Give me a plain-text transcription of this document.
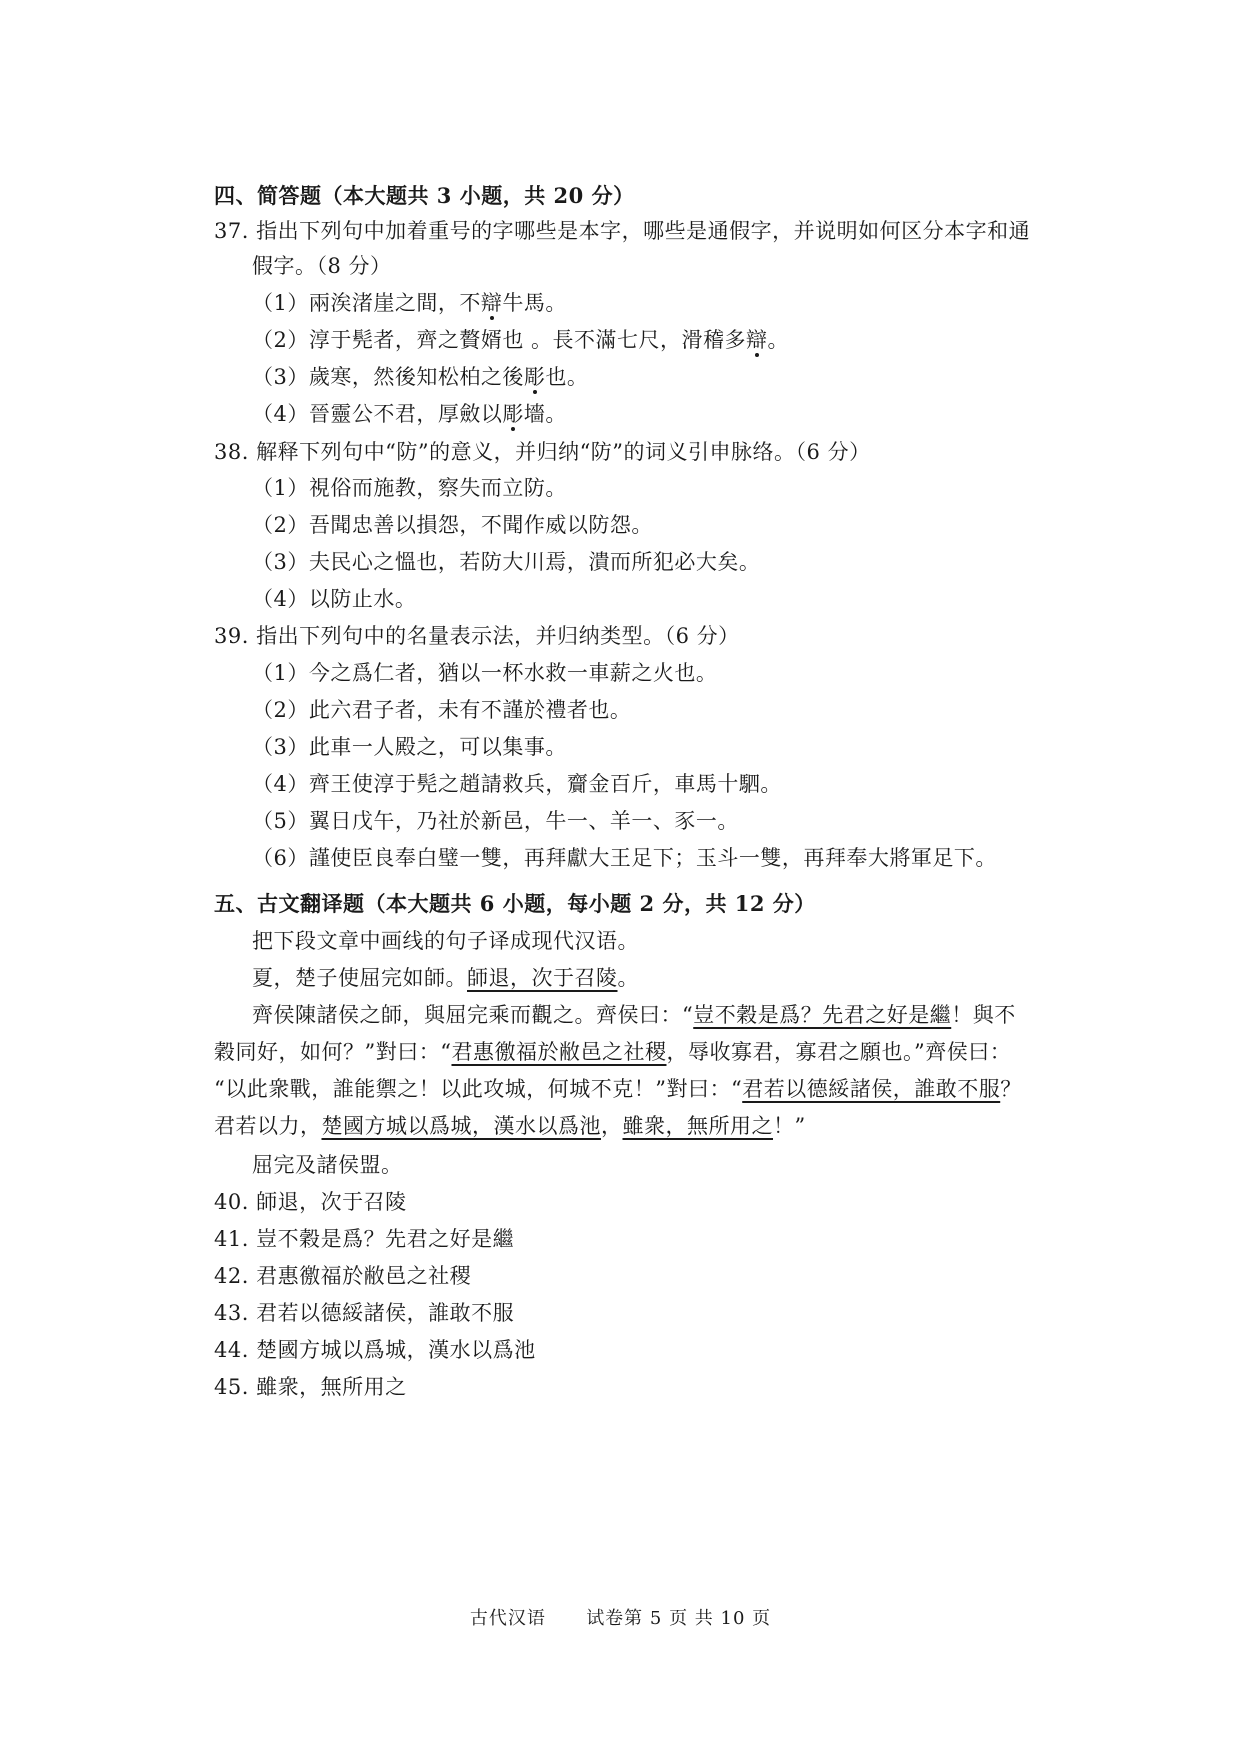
四、简答题（本大题共 3 小题，共 20 分）
37. 指出下列句中加着重号的字哪些是本字，哪些是通假字，并说明如何区分本字和通
假字。（8 分）
（1）兩涘渚崖之間，不辯牛馬。
（2）淳于髡者，齊之贅婿也 。長不滿七尺，滑稽多辯。
（3）歲寒，然後知松柏之後彫也。
（4）晉靈公不君，厚斂以彫墻。
38. 解释下列句中“防”的意义，并归纳“防”的词义引申脉络。（6 分）
（1）視俗而施教，察失而立防。
（2）吾聞忠善以損怨，不聞作威以防怨。
（3）夫民心之慍也，若防大川焉，潰而所犯必大矣。
（4）以防止水。
39. 指出下列句中的名量表示法，并归纳类型。（6 分）
（1）今之爲仁者，猶以一杯水救一車薪之火也。
（2）此六君子者，未有不謹於禮者也。
（3）此車一人殿之，可以集事。
（4）齊王使淳于髡之趙請救兵，齎金百斤，車馬十駟。
（5）翼日戊午，乃社於新邑，牛一、羊一、豕一。
（6）謹使臣良奉白璧一雙，再拜獻大王足下；玉斗一雙，再拜奉大將軍足下。
五、古文翻译题（本大题共 6 小题，每小题 2 分，共 12 分）
把下段文章中画线的句子译成现代汉语。
夏，楚子使屈完如師。師退，次于召陵。
齊侯陳諸侯之師，與屈完乘而觀之。齊侯曰：“豈不穀是爲？先君之好是繼！與不
穀同好，如何？”對曰：“君惠徼福於敝邑之社稷，辱收寡君，寡君之願也。”齊侯曰：
“以此衆戰，誰能禦之！以此攻城，何城不克！”對曰：“君若以德綏諸侯，誰敢不服？
君若以力，楚國方城以爲城，漢水以爲池，雖衆，無所用之！”
屈完及諸侯盟。
40. 師退，次于召陵
41. 豈不穀是爲？先君之好是繼
42. 君惠徼福於敝邑之社稷
43. 君若以德綏諸侯，誰敢不服
44. 楚國方城以爲城，漢水以爲池
45. 雖衆，無所用之
古代汉语 试卷第 5 页 共 10 页
